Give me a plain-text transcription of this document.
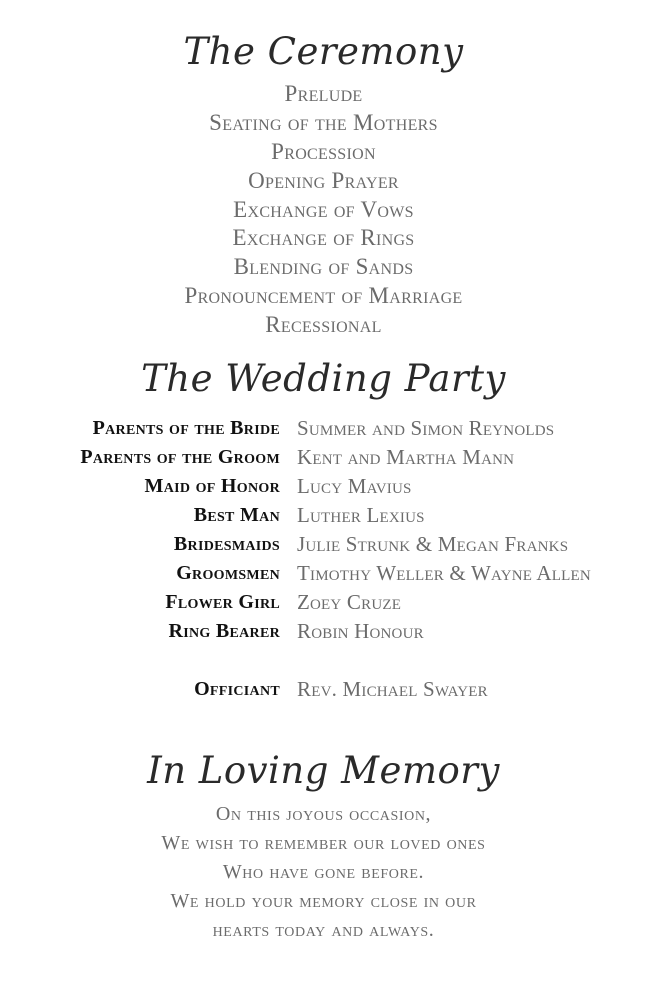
The Ceremony
Prelude
Seating of the Mothers
Procession
Opening Prayer
Exchange of Vows
Exchange of Rings
Blending of Sands
Pronouncement of Marriage
Recessional
The Wedding Party
Parents of the Bride Summer and Simon Reynolds
Parents of the Groom Kent and Martha Mann
Maid of Honor Lucy Mavius
Best Man Luther Lexius
Bridesmaids Julie Strunk & Megan Franks
Groomsmen Timothy Weller & Wayne Allen
Flower Girl Zoey Cruze
Ring Bearer Robin Honour
Officiant Rev. Michael Swayer
In Loving Memory
On this joyous occasion,
We wish to remember our loved ones
Who have gone before.
We hold your memory close in our
hearts today and always.
